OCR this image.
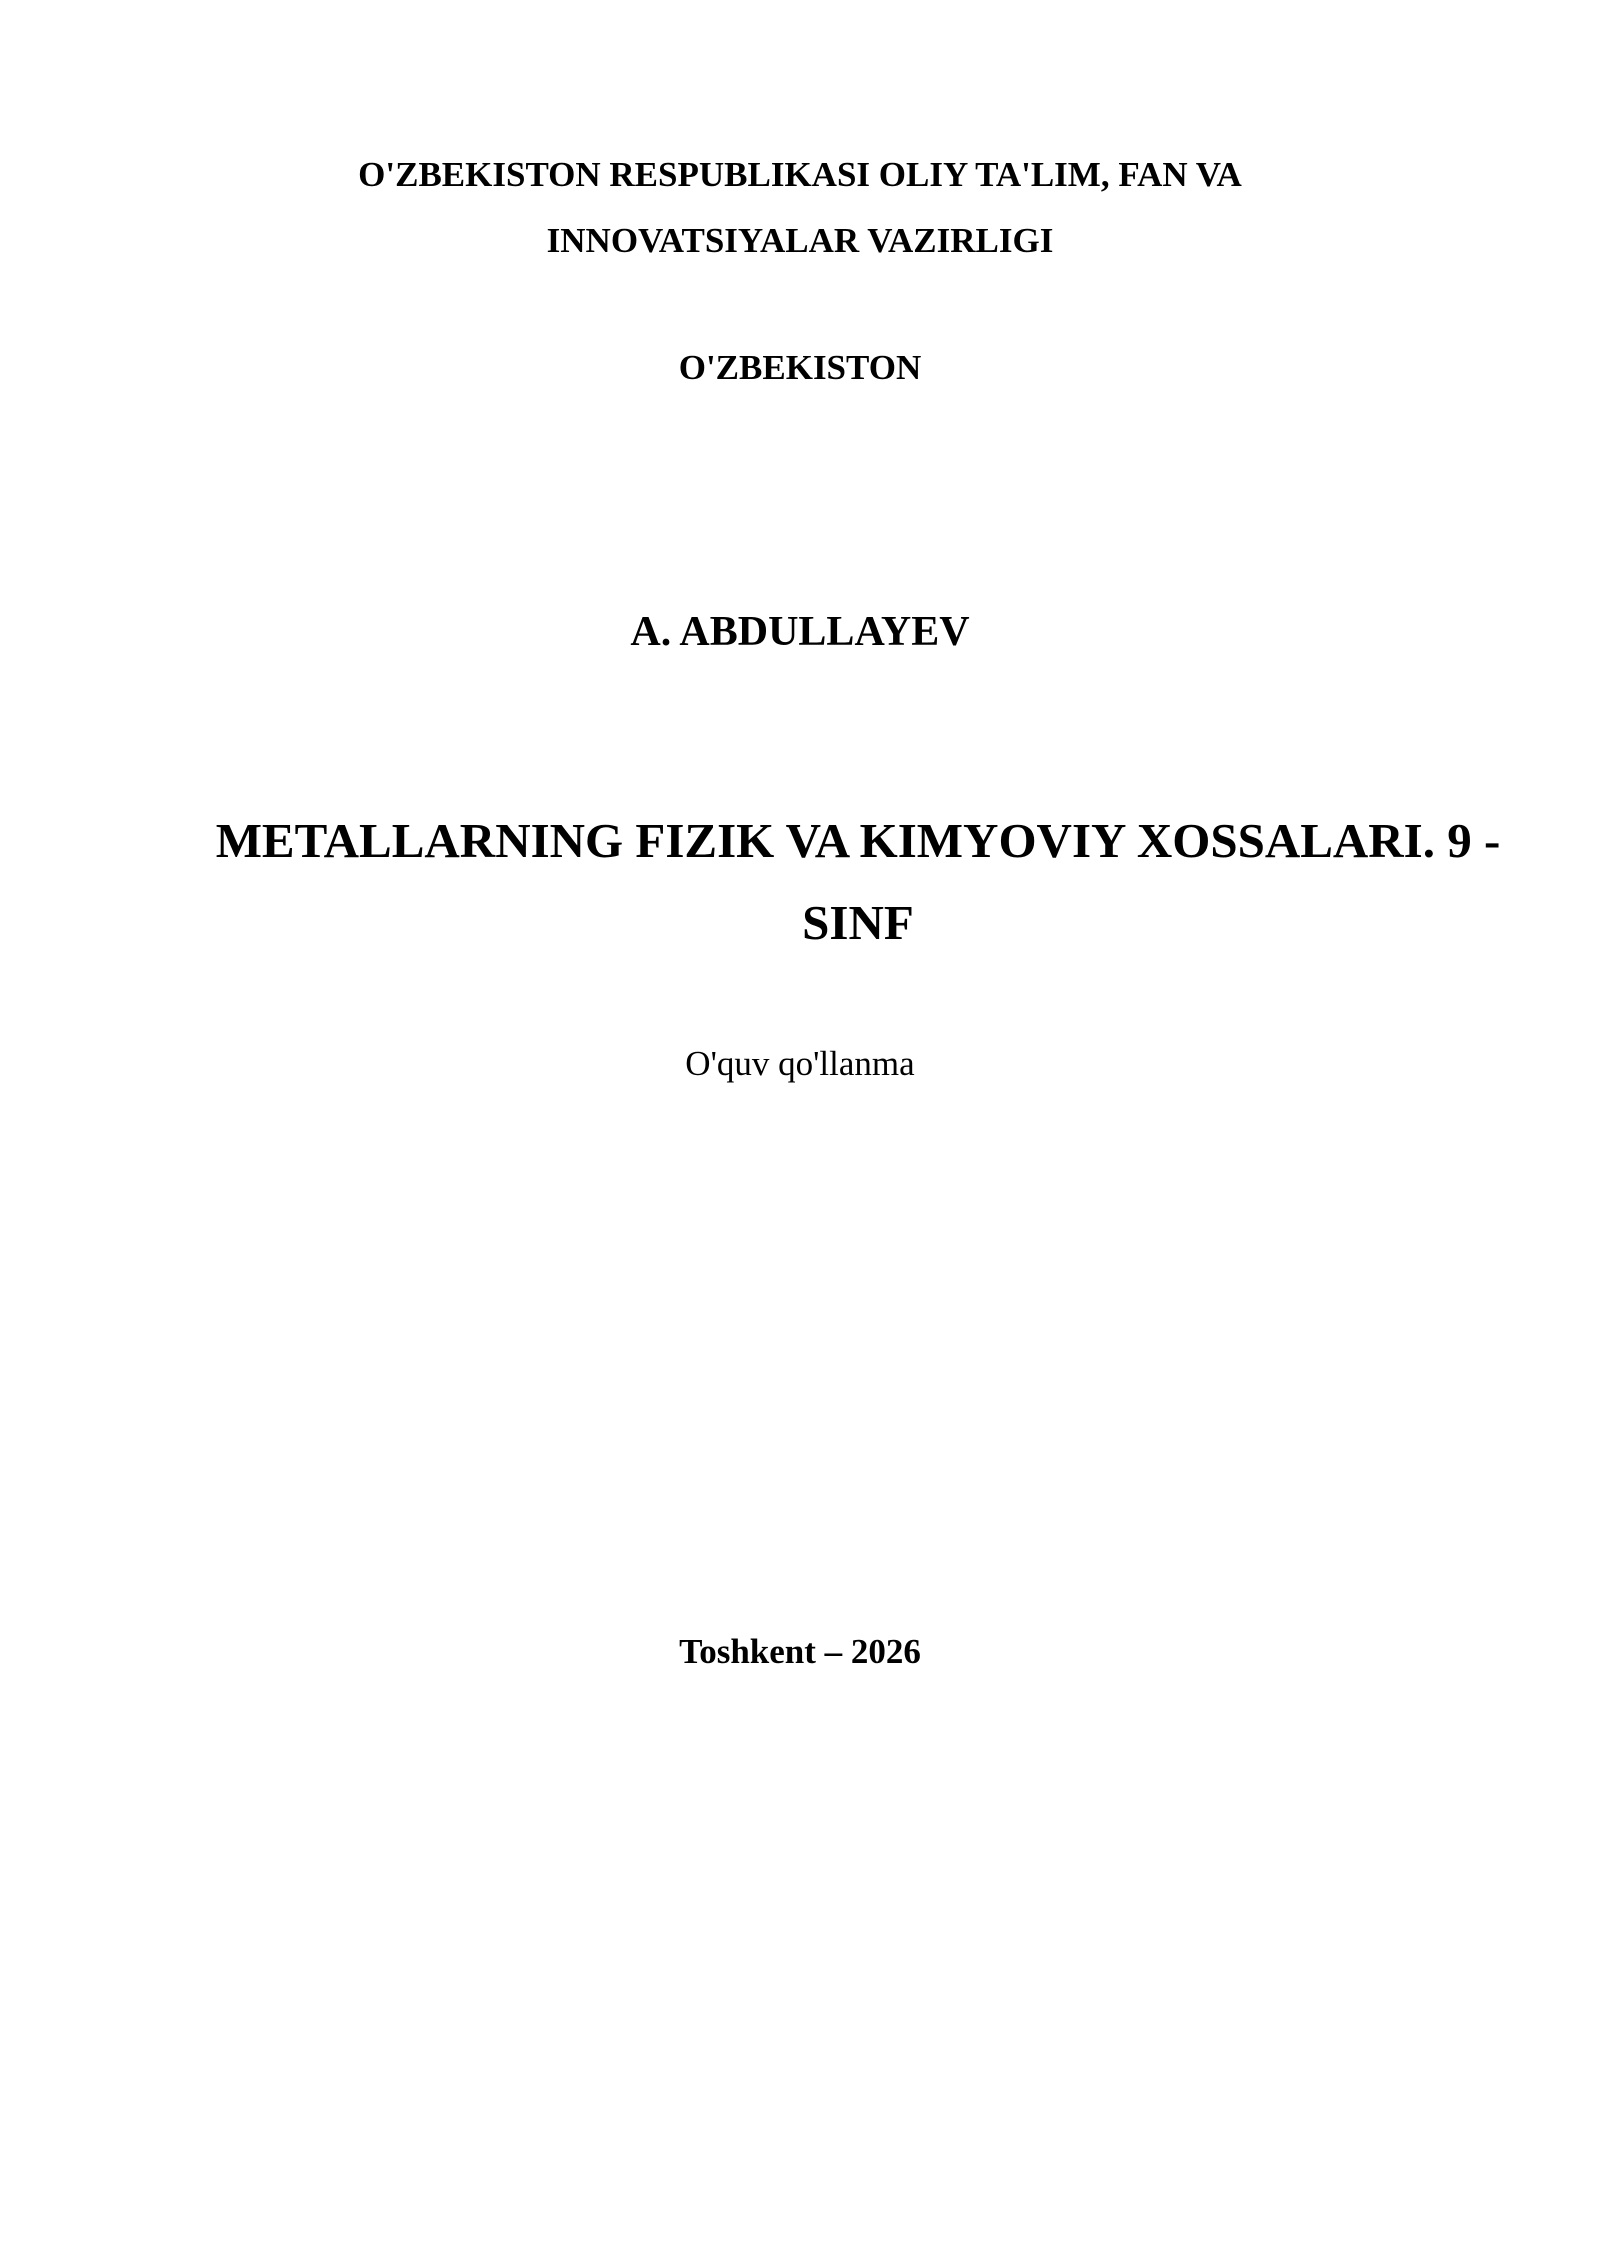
O'ZBEKISTON RESPUBLIKASI OLIY TA'LIM, FAN VA
INNOVATSIYALAR VAZIRLIGI

O'ZBEKISTON

A. ABDULLAYEV

METALLARNING FIZIK VA KIMYOVIY XOSSALARI. 9 - SINF

O'quv qo'llanma

Toshkent – 2026
